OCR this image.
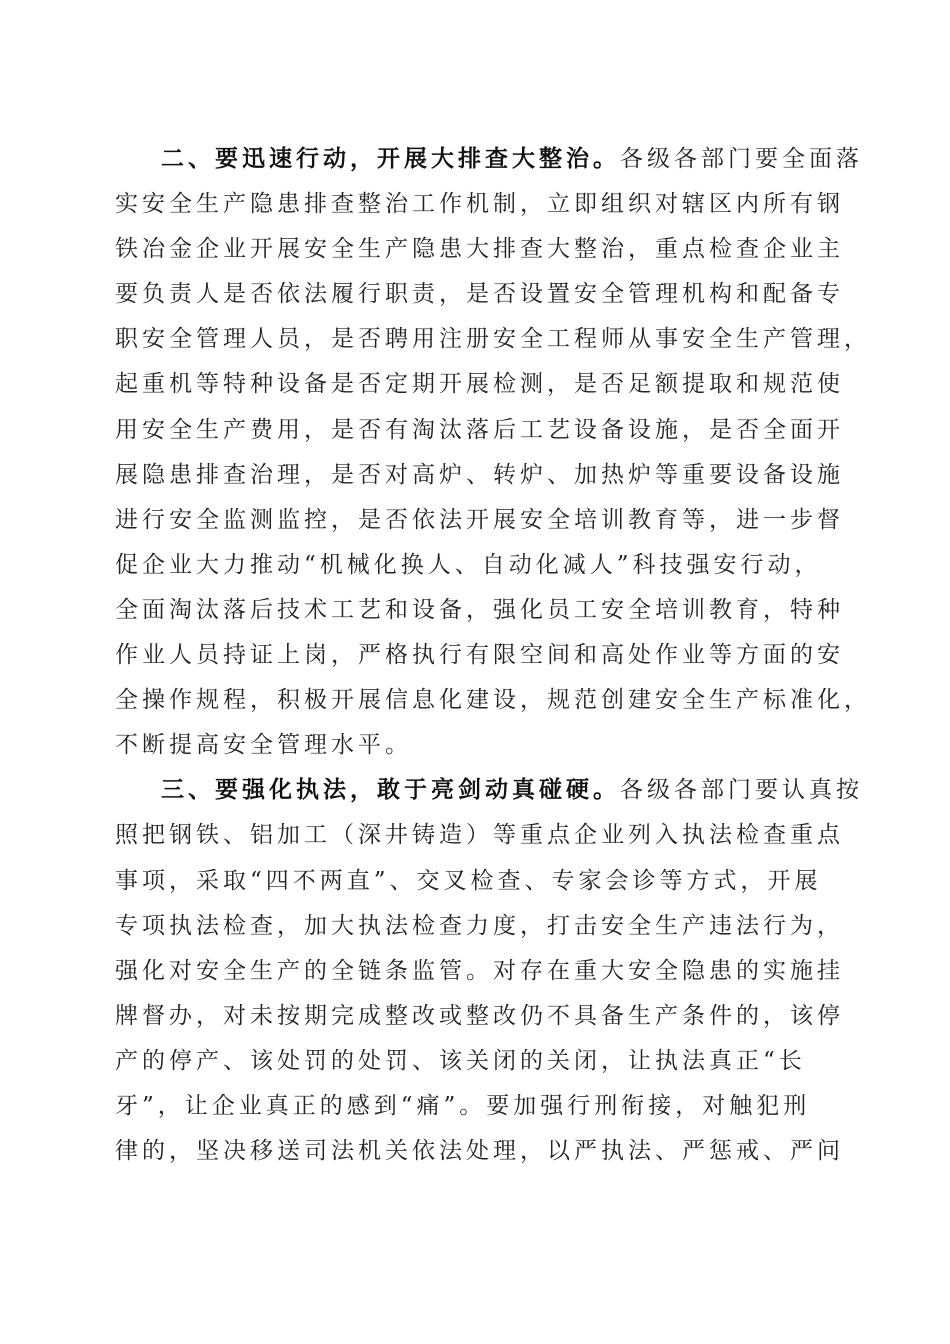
二、要迅速行动，开展大排查大整治。各级各部门要全面落
实安全生产隐患排查整治工作机制，立即组织对辖区内所有钢
铁冶金企业开展安全生产隐患大排查大整治，重点检查企业主
要负责人是否依法履行职责，是否设置安全管理机构和配备专
职安全管理人员，是否聘用注册安全工程师从事安全生产管理，
起重机等特种设备是否定期开展检测，是否足额提取和规范使
用安全生产费用，是否有淘汰落后工艺设备设施，是否全面开
展隐患排查治理，是否对高炉、转炉、加热炉等重要设备设施
进行安全监测监控，是否依法开展安全培训教育等，进一步督
促企业大力推动“机械化换人、自动化减人”科技强安行动，
全面淘汰落后技术工艺和设备，强化员工安全培训教育，特种
作业人员持证上岗，严格执行有限空间和高处作业等方面的安
全操作规程，积极开展信息化建设，规范创建安全生产标准化，
不断提高安全管理水平。
三、要强化执法，敢于亮剑动真碰硬。各级各部门要认真按
照把钢铁、铝加工（深井铸造）等重点企业列入执法检查重点
事项，采取“四不两直”、交叉检查、专家会诊等方式，开展
专项执法检查，加大执法检查力度，打击安全生产违法行为，
强化对安全生产的全链条监管。对存在重大安全隐患的实施挂
牌督办，对未按期完成整改或整改仍不具备生产条件的，该停
产的停产、该处罚的处罚、该关闭的关闭，让执法真正“长
牙”，让企业真正的感到“痛”。要加强行刑衔接，对触犯刑
律的，坚决移送司法机关依法处理，以严执法、严惩戒、严问
